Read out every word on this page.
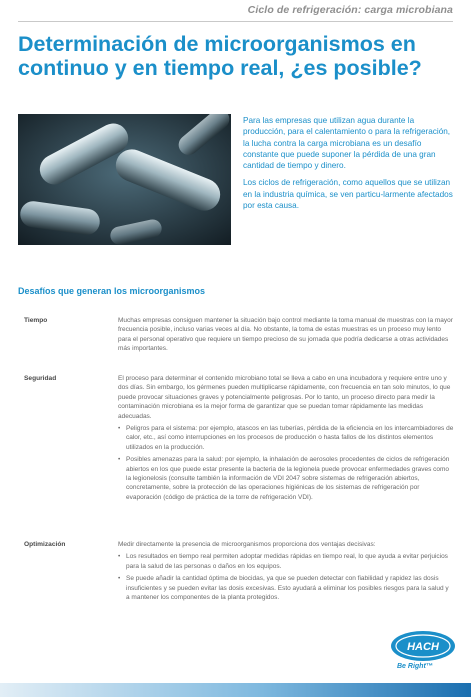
Ciclo de refrigeración: carga microbiana
Determinación de microorganismos en continuo y en tiempo real, ¿es posible?

Para las empresas que utilizan agua durante la producción, para el calentamiento o para la refrigeración, la lucha contra la carga microbiana es un desafío constante que puede suponer la pérdida de una gran cantidad de tiempo y dinero.

Los ciclos de refrigeración, como aquellos que se utilizan en la industria química, se ven particu-larmente afectados por esta causa.

Desafíos que generan los microorganismos
Tiempo	Muchas empresas consiguen mantener la situación bajo control mediante la toma manual de muestras con la mayor frecuencia posible, incluso varias veces al día. No obstante, la toma de estas muestras es un proceso muy lento para el personal operativo que requiere un tiempo precioso de su jornada que podría dedicarse a otras actividades más importantes.

Seguridad	El proceso para determinar el contenido microbiano total se lleva a cabo en una incubadora y requiere entre uno y dos días. Sin embargo, los gérmenes pueden multiplicarse rápidamente, con frecuencia en tan solo minutos, lo que puede provocar situaciones graves y potencialmente peligrosas. Por lo tanto, un proceso directo para medir la contaminación microbiana es la mejor forma de garantizar que se puedan tomar rápidamente las medidas adecuadas.

• Peligros para el sistema: por ejemplo, atascos en las tuberías, pérdida de la eficiencia en los intercambiadores de calor, etc., así como interrupciones en los procesos de producción o hasta fallos de los distintos elementos utilizados en la producción.
• Posibles amenazas para la salud: por ejemplo, la inhalación de aerosoles procedentes de ciclos de refrigeración abiertos en los que puede estar presente la bacteria de la legionela puede provocar enfermedades graves como la legionelosis (consulte también la información de VDI 2047 sobre sistemas de refrigeración abiertos, concretamente, sobre la protección de las operaciones higiénicas de los sistemas de refrigeración por evaporación (código de práctica de la torre de refrigeración VDI).
Optimización	Medir directamente la presencia de microorganismos proporciona dos ventajas decisivas:

• Los resultados en tiempo real permiten adoptar medidas rápidas en tiempo real, lo que ayuda a evitar perjuicios para la salud de las personas o daños en los equipos.
• Se puede añadir la cantidad óptima de biocidas, ya que se pueden detectar con fiabilidad y rapidez las dosis insuficientes y se pueden evitar las dosis excesivas. Esto ayudará a eliminar los posibles riesgos para la salud y a mantener los componentes de la planta protegidos.
HACH
Be Right™
